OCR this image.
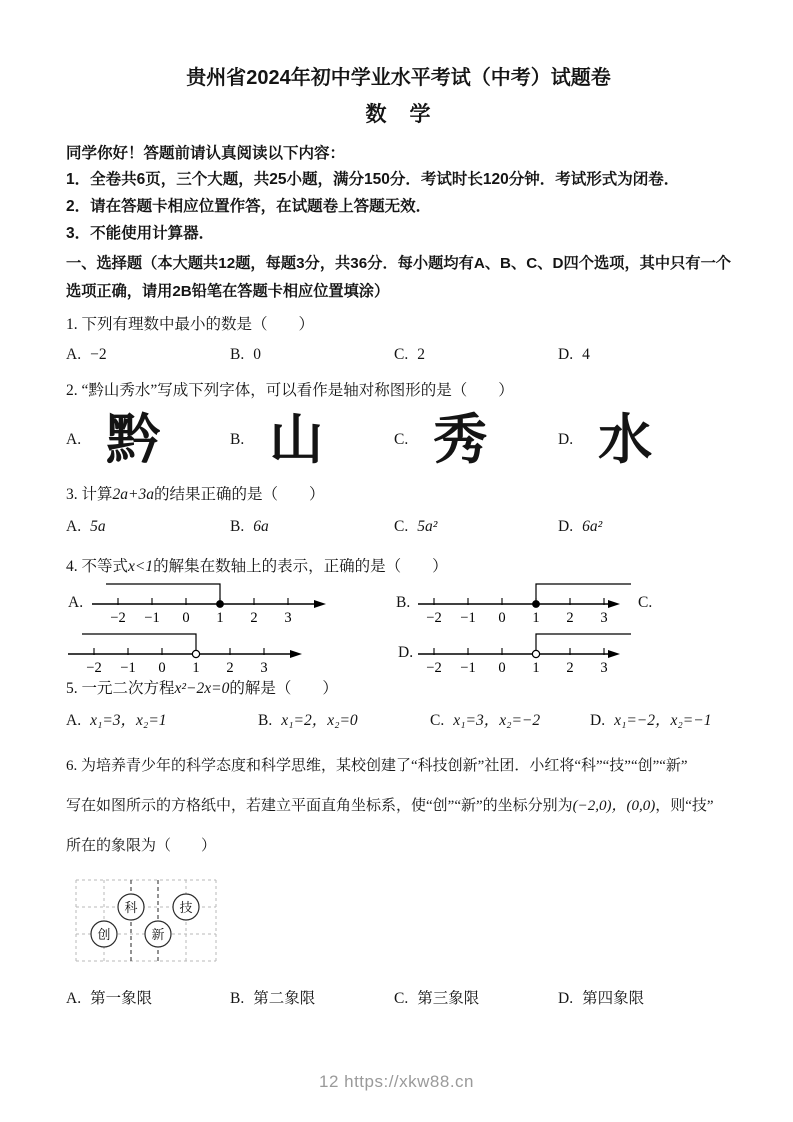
贵州省2024年初中学业水平考试（中考）试题卷
数　学

同学你好！答题前请认真阅读以下内容：

1．全卷共6页，三个大题，共25小题，满分150分．考试时长120分钟．考试形式为闭卷．

2．请在答题卡相应位置作答，在试题卷上答题无效．

3．不能使用计算器．

一、选择题（本大题共12题，每题3分，共36分．每小题均有A、B、C、D四个选项，其中只有一个选项正确，请用2B铅笔在答题卡相应位置填涂）

1. 下列有理数中最小的数是（　　）

A. −2	B. 0	C. 2	D. 4

2. “黔山秀水”写成下列字体，可以看作是轴对称图形的是（　　）

A. 黔	B. 山	C. 秀	D. 水

3. 计算2a+3a的结果正确的是（　　）

A. 5a	B. 6a	C. 5a²	D. 6a²

4. 不等式x<1的解集在数轴上的表示，正确的是（　　）

A.
−2 −1 0 1 2 3
B.
−2 −1 0 1 2 3
C.
−2 −1 0 1 2 3
D.
−2 −1 0 1 2 3

5. 一元二次方程x²−2x=0的解是（　　）

A. x₁=3，x₂=1	B. x₁=2，x₂=0	C. x₁=3，x₂=−2	D. x₁=−2，x₂=−1
6. 为培养青少年的科学态度和科学思维，某校创建了“科技创新”社团．小红将“科”“技”“创”“新”
写在如图所示的方格纸中，若建立平面直角坐标系，使“创”“新”的坐标分别为(−2,0)，(0,0)，则“技”
所在的象限为（　　）
科	技
创	新
A. 第一象限	B. 第二象限	C. 第三象限	D. 第四象限
12 https://xkw88.cn
